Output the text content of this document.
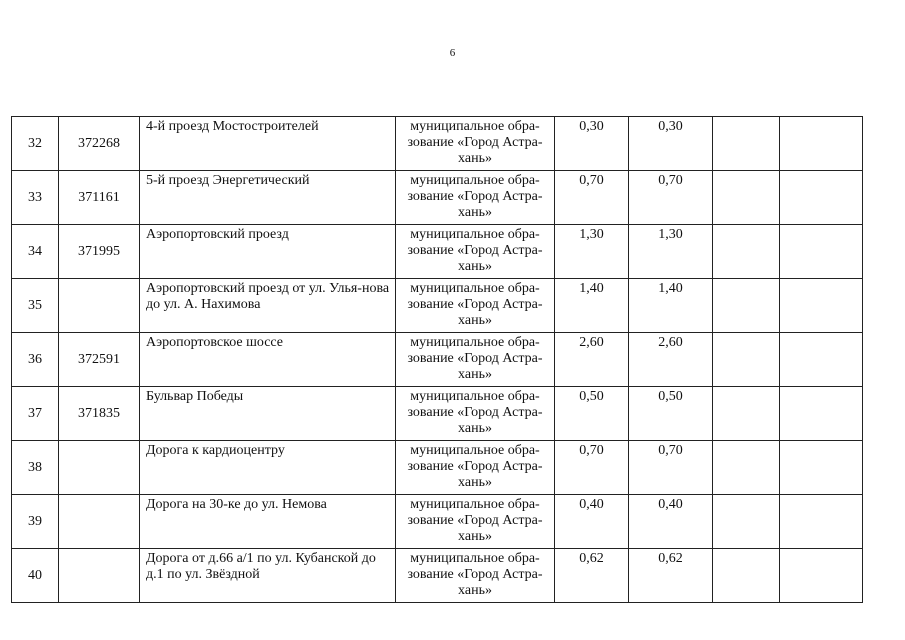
6
32	372268	4-й проезд Мостостроителей	муниципальное обра-зование «Город Астра-хань»	0,30	0,30		
33	371161	5-й проезд Энергетический	муниципальное обра-зование «Город Астра-хань»	0,70	0,70		
34	371995	Аэропортовский проезд	муниципальное обра-зование «Город Астра-хань»	1,30	1,30		
35		Аэропортовский проезд от ул. Улья-нова до ул. А. Нахимова	муниципальное обра-зование «Город Астра-хань»	1,40	1,40		
36	372591	Аэропортовское шоссе	муниципальное обра-зование «Город Астра-хань»	2,60	2,60		
37	371835	Бульвар Победы	муниципальное обра-зование «Город Астра-хань»	0,50	0,50		
38		Дорога к кардиоцентру	муниципальное обра-зование «Город Астра-хань»	0,70	0,70		
39		Дорога на 30-ке до ул. Немова	муниципальное обра-зование «Город Астра-хань»	0,40	0,40		
40		Дорога от д.66 а/1 по ул. Кубанской до д.1 по ул. Звёздной	муниципальное обра-зование «Город Астра-хань»	0,62	0,62		
